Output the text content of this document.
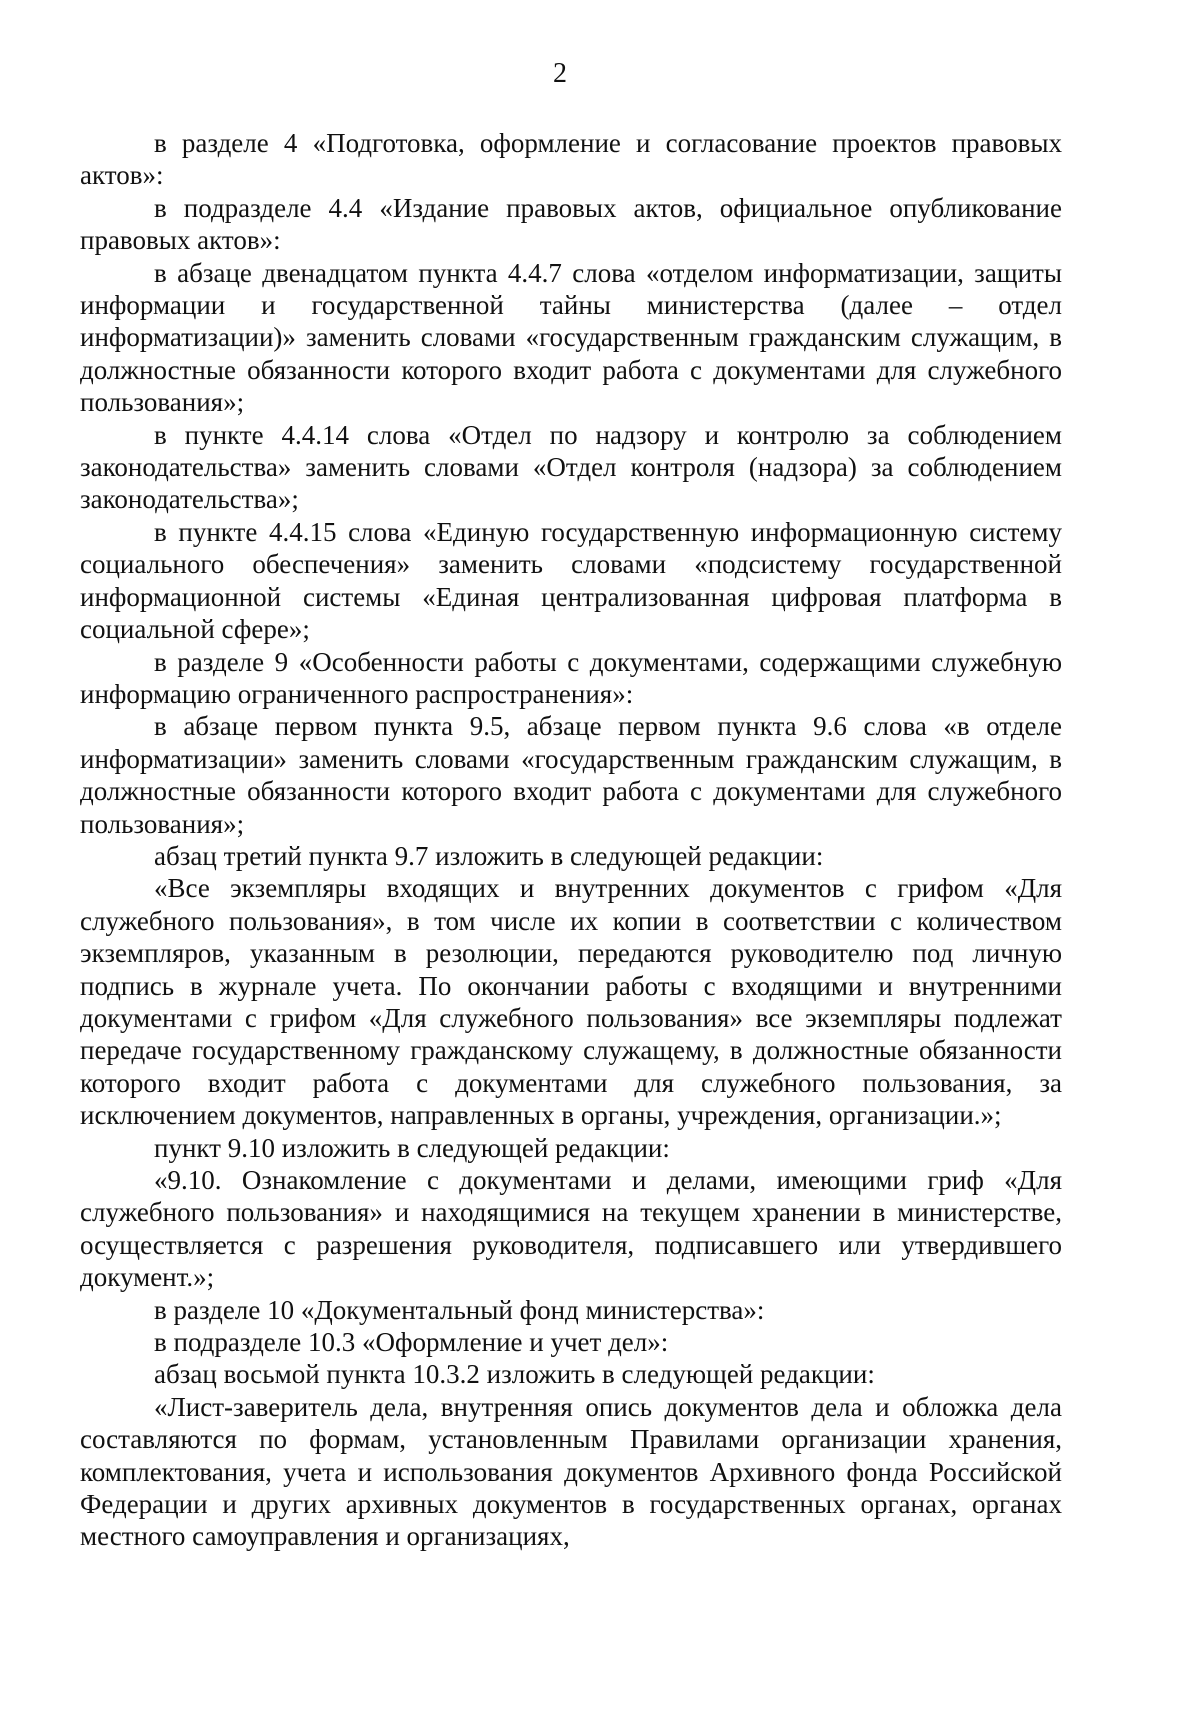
2

в разделе 4 «Подготовка, оформление и согласование проектов правовых актов»:

в подразделе 4.4 «Издание правовых актов, официальное опубликование правовых актов»:

в абзаце двенадцатом пункта 4.4.7 слова «отделом информатизации, защиты информации и государственной тайны министерства (далее – отдел информатизации)» заменить словами «государственным гражданским служащим, в должностные обязанности которого входит работа с документами для служебного пользования»;

в пункте 4.4.14 слова «Отдел по надзору и контролю за соблюдением законодательства» заменить словами «Отдел контроля (надзора) за соблюдением законодательства»;

в пункте 4.4.15 слова «Единую государственную информационную систему социального обеспечения» заменить словами «подсистему государственной информационной системы «Единая централизованная цифровая платформа в социальной сфере»;

в разделе 9 «Особенности работы с документами, содержащими служебную информацию ограниченного распространения»:

в абзаце первом пункта 9.5, абзаце первом пункта 9.6 слова «в отделе информатизации» заменить словами «государственным гражданским служащим, в должностные обязанности которого входит работа с документами для служебного пользования»;

абзац третий пункта 9.7 изложить в следующей редакции:

«Все экземпляры входящих и внутренних документов с грифом «Для служебного пользования», в том числе их копии в соответствии с количеством экземпляров, указанным в резолюции, передаются руководителю под личную подпись в журнале учета. По окончании работы с входящими и внутренними документами с грифом «Для служебного пользования» все экземпляры подлежат передаче государственному гражданскому служащему, в должностные обязанности которого входит работа с документами для служебного пользования, за исключением документов, направленных в органы, учреждения, организации.»;

пункт 9.10 изложить в следующей редакции:

«9.10. Ознакомление с документами и делами, имеющими гриф «Для служебного пользования» и находящимися на текущем хранении в министерстве, осуществляется с разрешения руководителя, подписавшего или утвердившего документ.»;

в разделе 10 «Документальный фонд министерства»:

в подразделе 10.3 «Оформление и учет дел»:

абзац восьмой пункта 10.3.2 изложить в следующей редакции:

«Лист-заверитель дела, внутренняя опись документов дела и обложка дела составляются по формам, установленным Правилами организации хранения, комплектования, учета и использования документов Архивного фонда Российской Федерации и других архивных документов в государственных органах, органах местного самоуправления и организациях,
